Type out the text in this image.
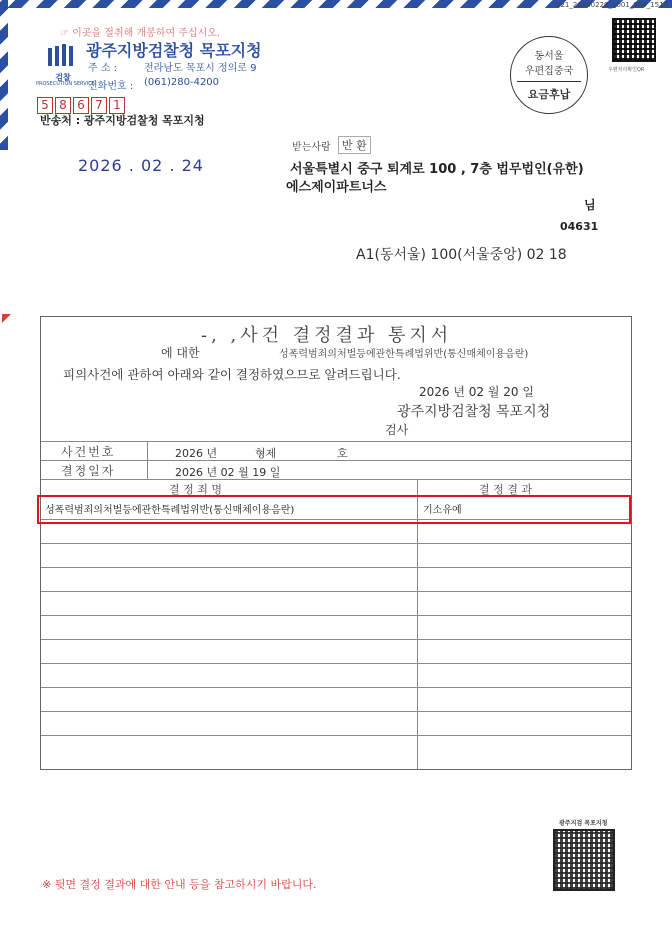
☞ 이곳을 절취해 개봉하여 주십시오.
021_20260220_1001_004_1515
검찰
PROSECUTION SERVICE
광주지방검찰청 목포지청
주 소 :	전라남도 목포시 정의로 9
전화번호 : (061)280-4200
5 8 6 7 1
반송처 : 광주지방검찰청 목포지청
동서울
우편집중국
요금후납
우편처리확인QR
2026 . 02 . 24
받는사람	반 환
서울특별시 중구 퇴계로 100 , 7층 법무법인(유한)
에스제이파트너스
님
04631
A1(동서울) 100(서울중앙) 02 18
-, ,사건 결정결과 통지서
에 대한	성폭력범죄의처벌등에관한특례법위반(통신매체이용음란)
피의사건에 관하여 아래와 같이 결정하였으므로 알려드립니다.
2026 년 02 월 20 일
광주지방검찰청 목포지청
검사
사건번호	2026 년	형제	호
결정일자	2026 년 02 월 19 일
결 정 죄 명	결 정 결 과
성폭력범죄의처벌등에관한특례법위반(통신매체이용음란)	기소유예
광주지검 목포지청
※ 뒷면 결정 결과에 대한 안내 등을 참고하시기 바랍니다.
